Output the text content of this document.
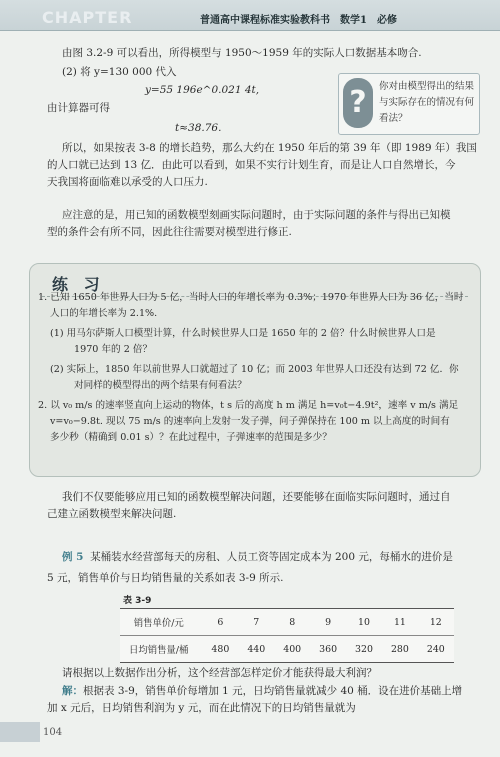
CHAPTER	普通高中课程标准实验教科书　数学1　必修
由图 3.2-9 可以看出，所得模型与 1950～1959 年的实际人口数据基本吻合.
(2) 将 y=130 000 代入
y=55 196e^0.021 4t,
由计算器可得
t≈38.76.
?	你对由模型得出的结果与实际存在的情况有何看法？
所以，如果按表 3-8 的增长趋势，那么大约在 1950 年后的第 39 年（即 1989 年）我国
的人口就已达到 13 亿．由此可以看到，如果不实行计划生育，而是让人口自然增长，今
天我国将面临难以承受的人口压力.
应注意的是，用已知的函数模型刻画实际问题时，由于实际问题的条件与得出已知模
型的条件会有所不同，因此往往需要对模型进行修正.
练 习
1. 已知 1650 年世界人口为 5 亿，当时人口的年增长率为 0.3%；1970 年世界人口为 36 亿，当时
人口的年增长率为 2.1%.
(1) 用马尔萨斯人口模型计算，什么时候世界人口是 1650 年的 2 倍？什么时候世界人口是
1970 年的 2 倍？
(2) 实际上，1850 年以前世界人口就超过了 10 亿；而 2003 年世界人口还没有达到 72 亿．你
对同样的模型得出的两个结果有何看法？
2. 以 v₀ m/s 的速率竖直向上运动的物体，t s 后的高度 h m 满足 h=v₀t−4.9t²，速率 v m/s 满足
v=v₀−9.8t. 现以 75 m/s 的速率向上发射一发子弹，问子弹保持在 100 m 以上高度的时间有
多少秒（精确到 0.01 s）？在此过程中，子弹速率的范围是多少？
我们不仅要能够应用已知的函数模型解决问题，还要能够在面临实际问题时，通过自
己建立函数模型来解决问题.
例 5 某桶装水经营部每天的房租、人员工资等固定成本为 200 元，每桶水的进价是
5 元，销售单价与日均销售量的关系如表 3-9 所示.
表 3-9
销售单价/元	6	7	8	9	10	11	12
日均销售量/桶	480	440	400	360	320	280	240
请根据以上数据作出分析，这个经营部怎样定价才能获得最大利润？
解：根据表 3-9，销售单价每增加 1 元，日均销售量就减少 40 桶．设在进价基础上增
加 x 元后，日均销售利润为 y 元，而在此情况下的日均销售量就为
104
